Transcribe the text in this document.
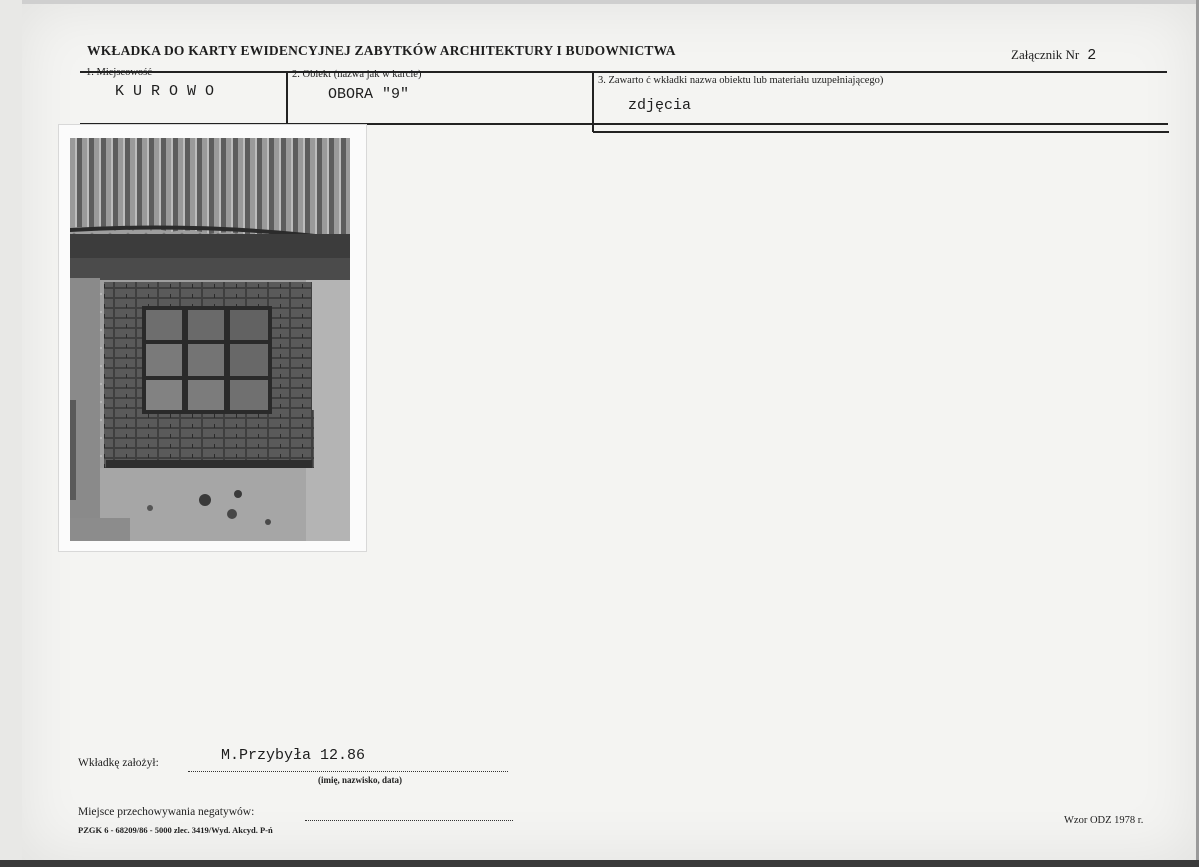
WKŁADKA DO KARTY EWIDENCYJNEJ ZABYTKÓW ARCHITEKTURY I BUDOWNICTWA	Załącznik Nr 2
1. Miejscowość
K U R O W O
2. Obiekt (nazwa jak w karcie)
OBORA "9"
3. Zawarto ć wkładki nazwa obiektu lub materiału uzupełniającego)
zdjęcia
Wkładkę założył:	M.Przybyła 12.86
(imię, nazwisko, data)
Miejsce przechowywania negatywów:
PZGK 6 - 68209/86 - 5000 zlec. 3419/Wyd. Akcyd. P-ń
Wzor ODZ 1978 r.
